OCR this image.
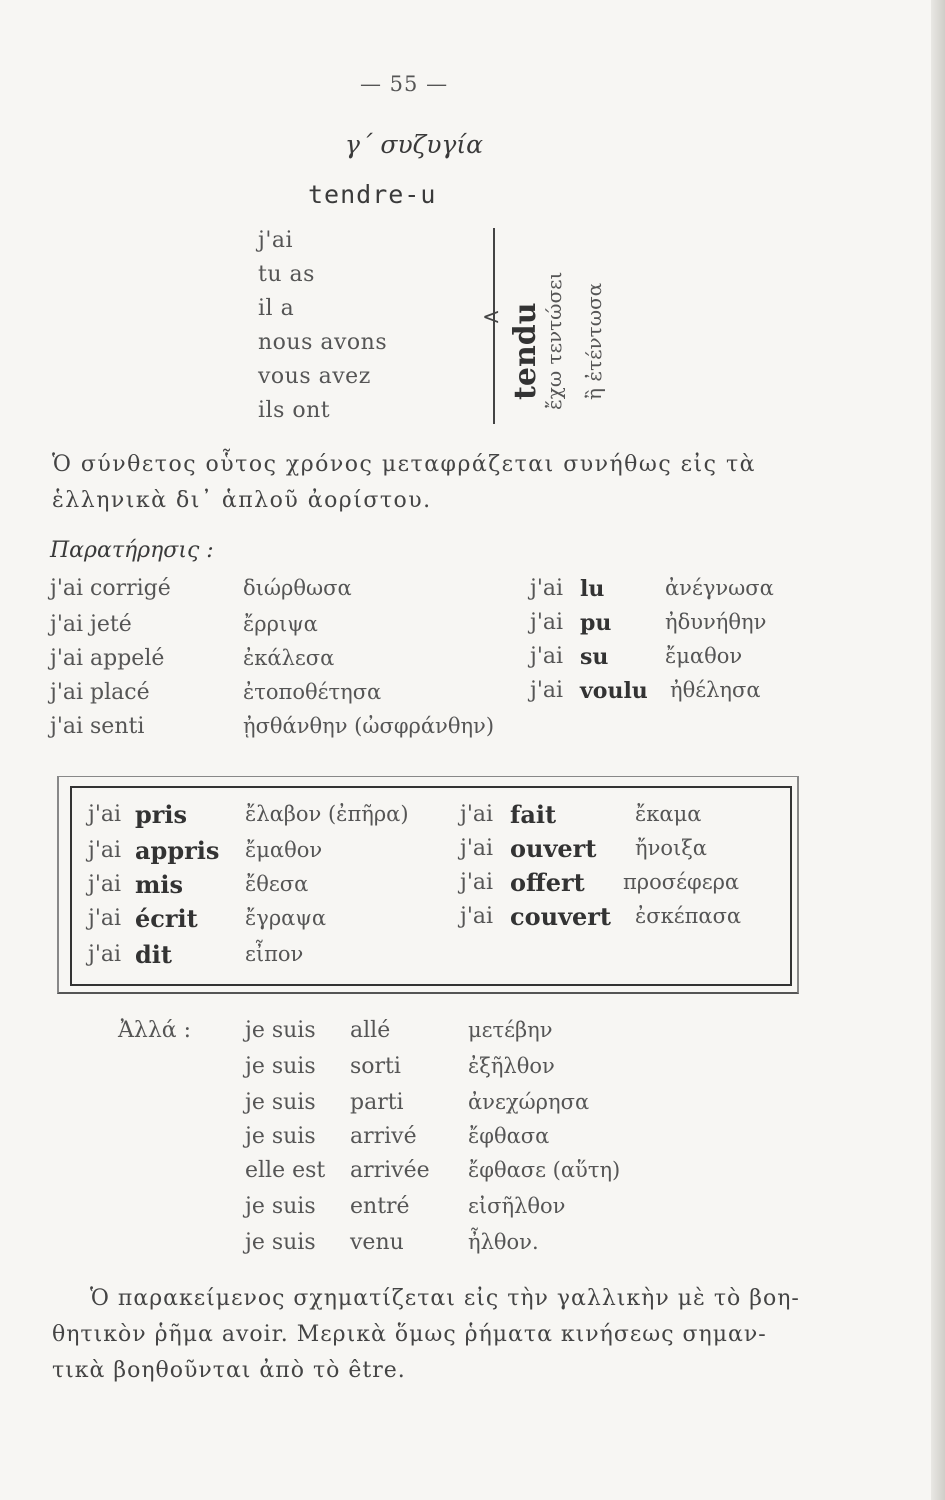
— 55 —
γ΄ συζυγία
tendre-u
j'ai
tu as
il a
nous avons
vous avez
ils ont
< tendu ἔχω τεντώσει ἢ ἐτέντωσα
Ὁ σύνθετος οὗτος χρόνος μεταφράζεται συνήθως εἰς τὰ
ἑλληνικὰ δι᾽ ἁπλοῦ ἀορίστου.
Παρατήρησις :
j'ai corrigé	διώρθωσα
j'ai jeté	ἔρριψα
j'ai appelé	ἐκάλεσα
j'ai placé	ἐτοποθέτησα
j'ai senti	ᾐσθάνθην (ὠσφράνθην)
j'ai lu	ἀνέγνωσα
j'ai pu	ἠδυνήθην
j'ai su	ἔμαθον
j'ai voulu ἠθέλησα
j'ai pris	ἔλαβον (ἐπῆρα)
j'ai appris ἔμαθον
j'ai mis	ἔθεσα
j'ai écrit ἔγραψα
j'ai dit	εἶπον
j'ai fait	ἔκαμα
j'ai ouvert ἤνοιξα
j'ai offert προσέφερα
j'ai couvert ἐσκέπασα
Ἀλλά : je suis allé	μετέβην
je suis sorti	ἐξῆλθον
je suis parti	ἀνεχώρησα
je suis arrivé ἔφθασα
elle est arrivée ἔφθασε (αὕτη)
je suis entré	εἰσῆλθον
je suis venu	ἦλθον.
Ὁ παρακείμενος σχηματίζεται εἰς τὴν γαλλικὴν μὲ τὸ βοη-
θητικὸν ῥῆμα avoir. Μερικὰ ὅμως ῥήματα κινήσεως σημαν-
τικὰ βοηθοῦνται ἀπὸ τὸ être.
